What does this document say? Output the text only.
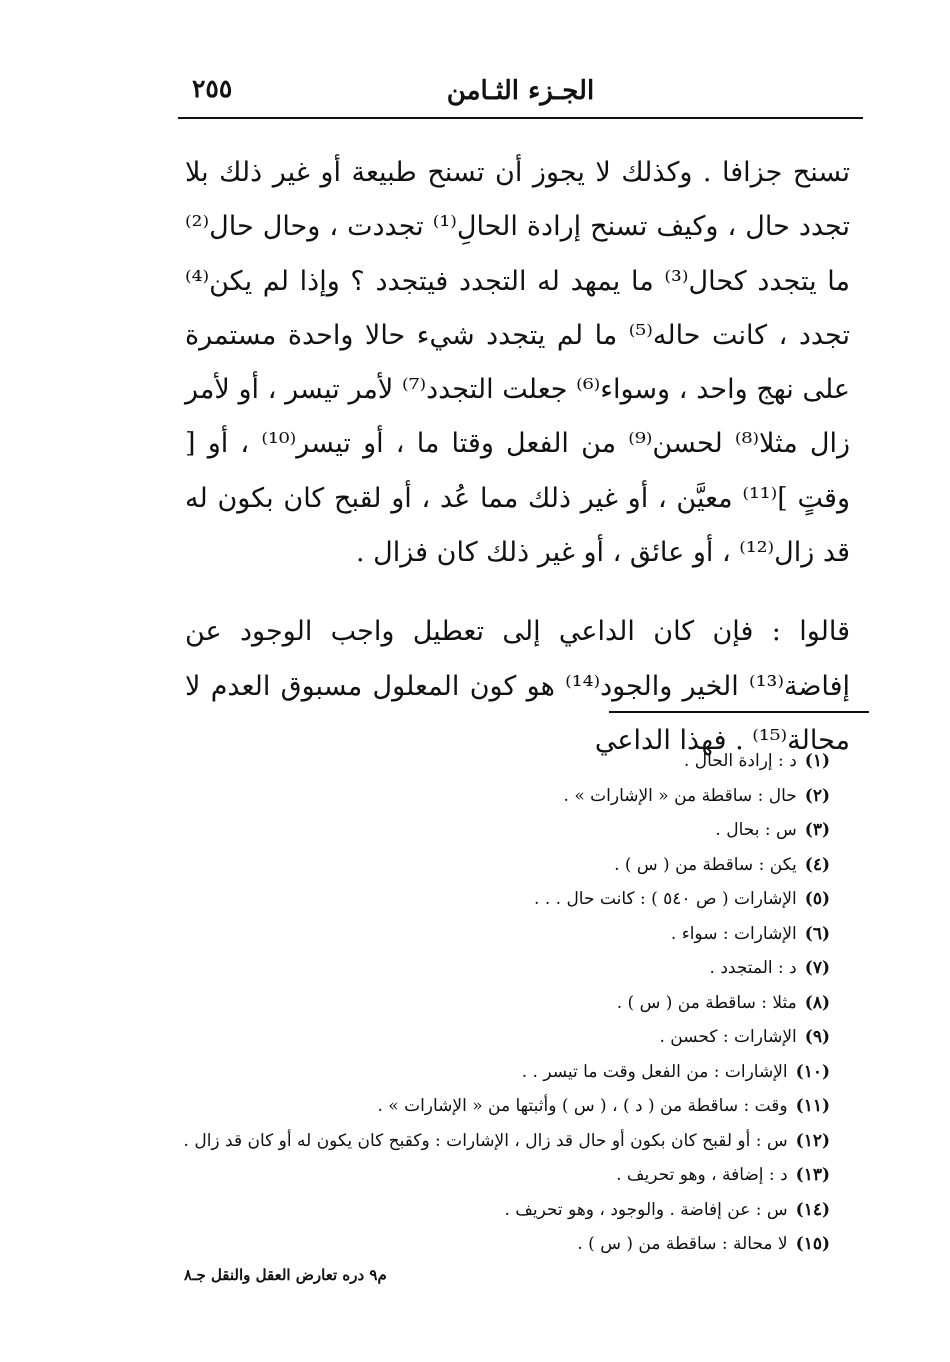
٢٥٥	الجـزء الثـامن

تسنح جزافا . وكذلك لا يجوز أن تسنح طبيعة أو غير ذلك بلا تجدد حال ، وكيف تسنح إرادة الحالِ⁽¹⁾ تجددت ، وحال حال⁽²⁾ ما يتجدد كحال⁽³⁾ ما يمهد له التجدد فيتجدد ؟ وإذا لم يكن⁽⁴⁾ تجدد ، كانت حاله⁽⁵⁾ ما لم يتجدد شيء حالا واحدة مستمرة على نهج واحد ، وسواء⁽⁶⁾ جعلت التجدد⁽⁷⁾ لأمر تيسر ، أو لأمر زال مثلا⁽⁸⁾ لحسن⁽⁹⁾ من الفعل وقتا ما ، أو تيسر⁽¹⁰⁾ ، أو [ وقتٍ ]⁽¹¹⁾ معيَّن ، أو غير ذلك مما عُد ، أو لقبح كان بكون له قد زال⁽¹²⁾ ، أو عائق ، أو غير ذلك كان فزال .

قالوا : فإن كان الداعي إلى تعطيل واجب الوجود عن إفاضة⁽¹³⁾ الخير والجود⁽¹⁴⁾ هو كون المعلول مسبوق العدم لا محالة⁽¹⁵⁾ . فهذا الداعي

(١)د : إرادة الحال .
(٢)حال : ساقطة من « الإشارات » .
(٣)س : بحال .
(٤)يكن : ساقطة من ( س ) .
(٥)الإشارات ( ص ٥٤٠ ) : كانت حال . . .
(٦)الإشارات : سواء .
(٧)د : المتجدد .
(٨)مثلا : ساقطة من ( س ) .
(٩)الإشارات : كحسن .
(١٠)الإشارات : من الفعل وقت ما تيسر . .
(١١)وقت : ساقطة من ( د ) ، ( س ) وأثبتها من « الإشارات » .
(١٢)س : أو لقبح كان بكون أو حال قد زال ، الإشارات : وكقبح كان يكون له أو كان قد زال .
(١٣)د : إضافة ، وهو تحريف .
(١٤)س : عن إفاضة . والوجود ، وهو تحريف .
(١٥)لا محالة : ساقطة من ( س ) .
م٩ دره تعارض العقل والنقل جـ٨
